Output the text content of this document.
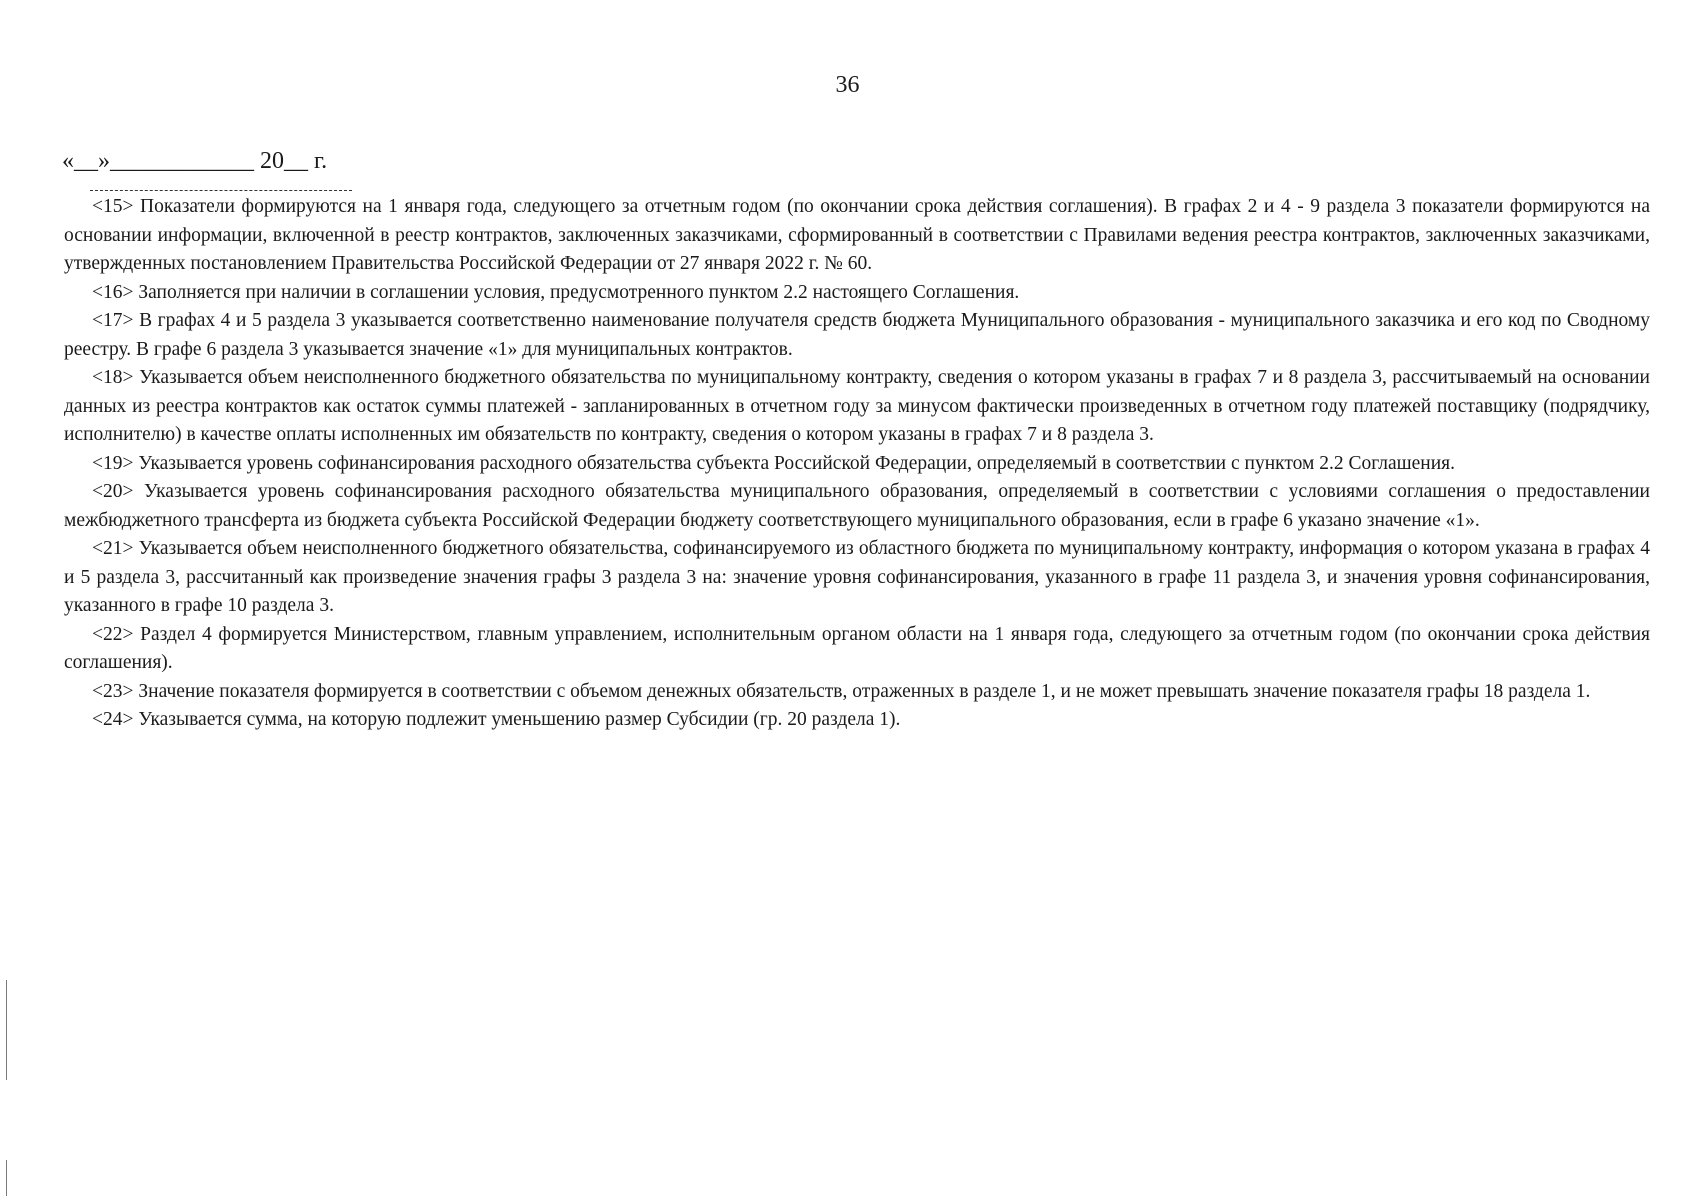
36
«__»____________ 20__ г.

<15> Показатели формируются на 1 января года, следующего за отчетным годом (по окончании срока действия соглашения). В графах 2 и 4 - 9 раздела 3 показатели формируются на основании информации, включенной в реестр контрактов, заключенных заказчиками, сформированный в соответствии с Правилами ведения реестра контрактов, заключенных заказчиками, утвержденных постановлением Правительства Российской Федерации от 27 января 2022 г. № 60.

<16> Заполняется при наличии в соглашении условия, предусмотренного пунктом 2.2 настоящего Соглашения.

<17> В графах 4 и 5 раздела 3 указывается соответственно наименование получателя средств бюджета Муниципального образования - муниципального заказчика и его код по Сводному реестру. В графе 6 раздела 3 указывается значение «1» для муниципальных контрактов.

<18> Указывается объем неисполненного бюджетного обязательства по муниципальному контракту, сведения о котором указаны в графах 7 и 8 раздела 3, рассчитываемый на основании данных из реестра контрактов как остаток суммы платежей - запланированных в отчетном году за минусом фактически произведенных в отчетном году платежей поставщику (подрядчику, исполнителю) в качестве оплаты исполненных им обязательств по контракту, сведения о котором указаны в графах 7 и 8 раздела 3.

<19> Указывается уровень софинансирования расходного обязательства субъекта Российской Федерации, определяемый в соответствии с пунктом 2.2 Соглашения.

<20> Указывается уровень софинансирования расходного обязательства муниципального образования, определяемый в соответствии с условиями соглашения о предоставлении межбюджетного трансферта из бюджета субъекта Российской Федерации бюджету соответствующего муниципального образования, если в графе 6 указано значение «1».

<21> Указывается объем неисполненного бюджетного обязательства, софинансируемого из областного бюджета по муниципальному контракту, информация о котором указана в графах 4 и 5 раздела 3, рассчитанный как произведение значения графы 3 раздела 3 на: значение уровня софинансирования, указанного в графе 11 раздела 3, и значения уровня софинансирования, указанного в графе 10 раздела 3.

<22> Раздел 4 формируется Министерством, главным управлением, исполнительным органом области на 1 января года, следующего за отчетным годом (по окончании срока действия соглашения).

<23> Значение показателя формируется в соответствии с объемом денежных обязательств, отраженных в разделе 1, и не может превышать значение показателя графы 18 раздела 1.

<24> Указывается сумма, на которую подлежит уменьшению размер Субсидии (гр. 20 раздела 1).
